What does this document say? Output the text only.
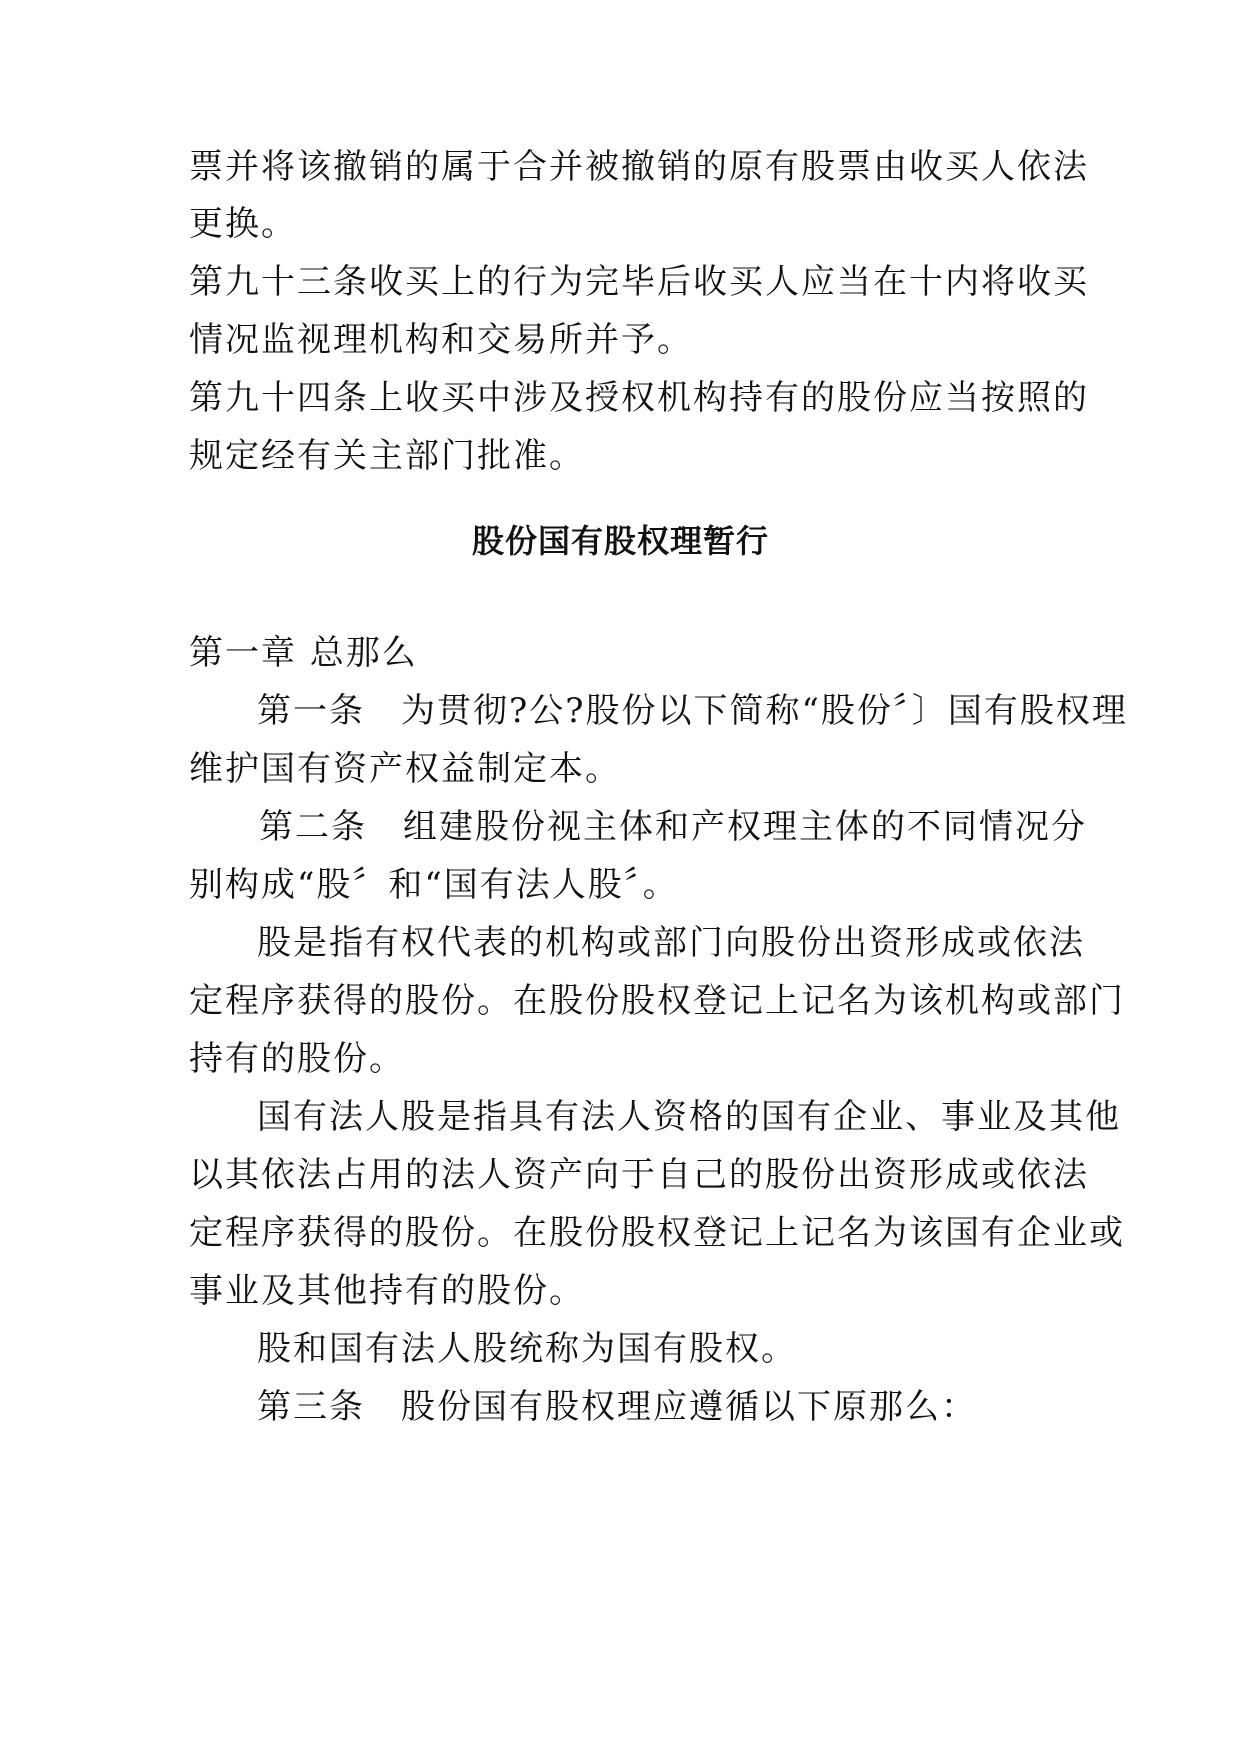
票并将该撤销的属于合并被撤销的原有股票由收买人依法
更换。
第九十三条收买上的行为完毕后收买人应当在十内将收买
情况监视理机构和交易所并予。
第九十四条上收买中涉及授权机构持有的股份应当按照的
规定经有关主部门批准。
股份国有股权理暂行
第一章 总那么
第一条　为贯彻?公?股份以下简称“股份〞〕国有股权理
维护国有资产权益制定本。
第二条　组建股份视主体和产权理主体的不同情况分
别构成“股〞和“国有法人股〞。
股是指有权代表的机构或部门向股份出资形成或依法
定程序获得的股份。在股份股权登记上记名为该机构或部门
持有的股份。
国有法人股是指具有法人资格的国有企业、事业及其他
以其依法占用的法人资产向于自己的股份出资形成或依法
定程序获得的股份。在股份股权登记上记名为该国有企业或
事业及其他持有的股份。
股和国有法人股统称为国有股权。
第三条　股份国有股权理应遵循以下原那么：
